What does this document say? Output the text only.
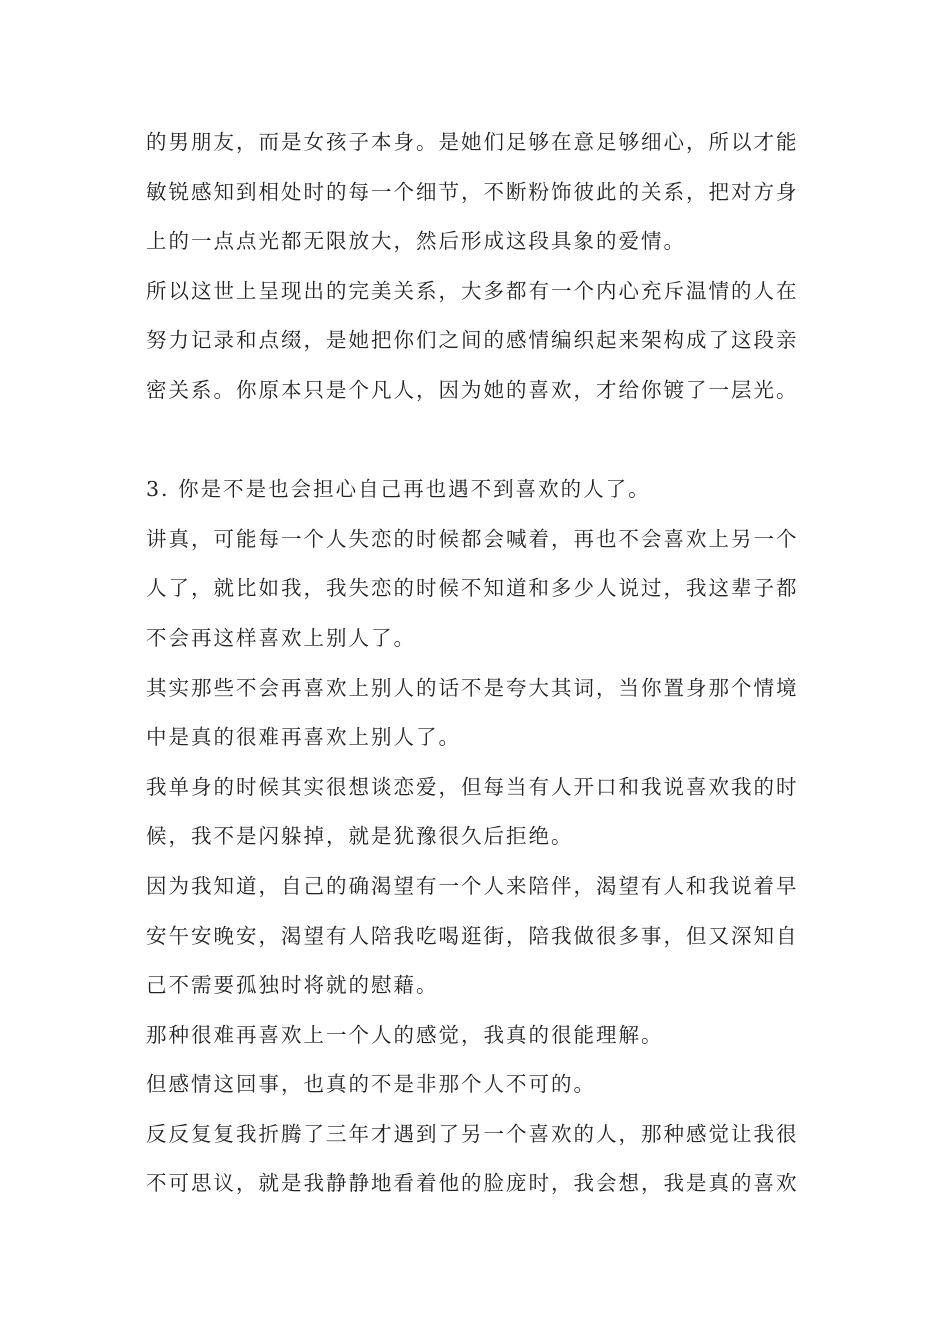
的男朋友，而是女孩子本身。是她们足够在意足够细心，所以才能
敏锐感知到相处时的每一个细节，不断粉饰彼此的关系，把对方身
上的一点点光都无限放大，然后形成这段具象的爱情。
所以这世上呈现出的完美关系，大多都有一个内心充斥温情的人在
努力记录和点缀，是她把你们之间的感情编织起来架构成了这段亲
密关系。你原本只是个凡人，因为她的喜欢，才给你镀了一层光。
3. 你是不是也会担心自己再也遇不到喜欢的人了。
讲真，可能每一个人失恋的时候都会喊着，再也不会喜欢上另一个
人了，就比如我，我失恋的时候不知道和多少人说过，我这辈子都
不会再这样喜欢上别人了。
其实那些不会再喜欢上别人的话不是夸大其词，当你置身那个情境
中是真的很难再喜欢上别人了。
我单身的时候其实很想谈恋爱，但每当有人开口和我说喜欢我的时
候，我不是闪躲掉，就是犹豫很久后拒绝。
因为我知道，自己的确渴望有一个人来陪伴，渴望有人和我说着早
安午安晚安，渴望有人陪我吃喝逛街，陪我做很多事，但又深知自
己不需要孤独时将就的慰藉。
那种很难再喜欢上一个人的感觉，我真的很能理解。
但感情这回事，也真的不是非那个人不可的。
反反复复我折腾了三年才遇到了另一个喜欢的人，那种感觉让我很
不可思议，就是我静静地看着他的脸庞时，我会想，我是真的喜欢
